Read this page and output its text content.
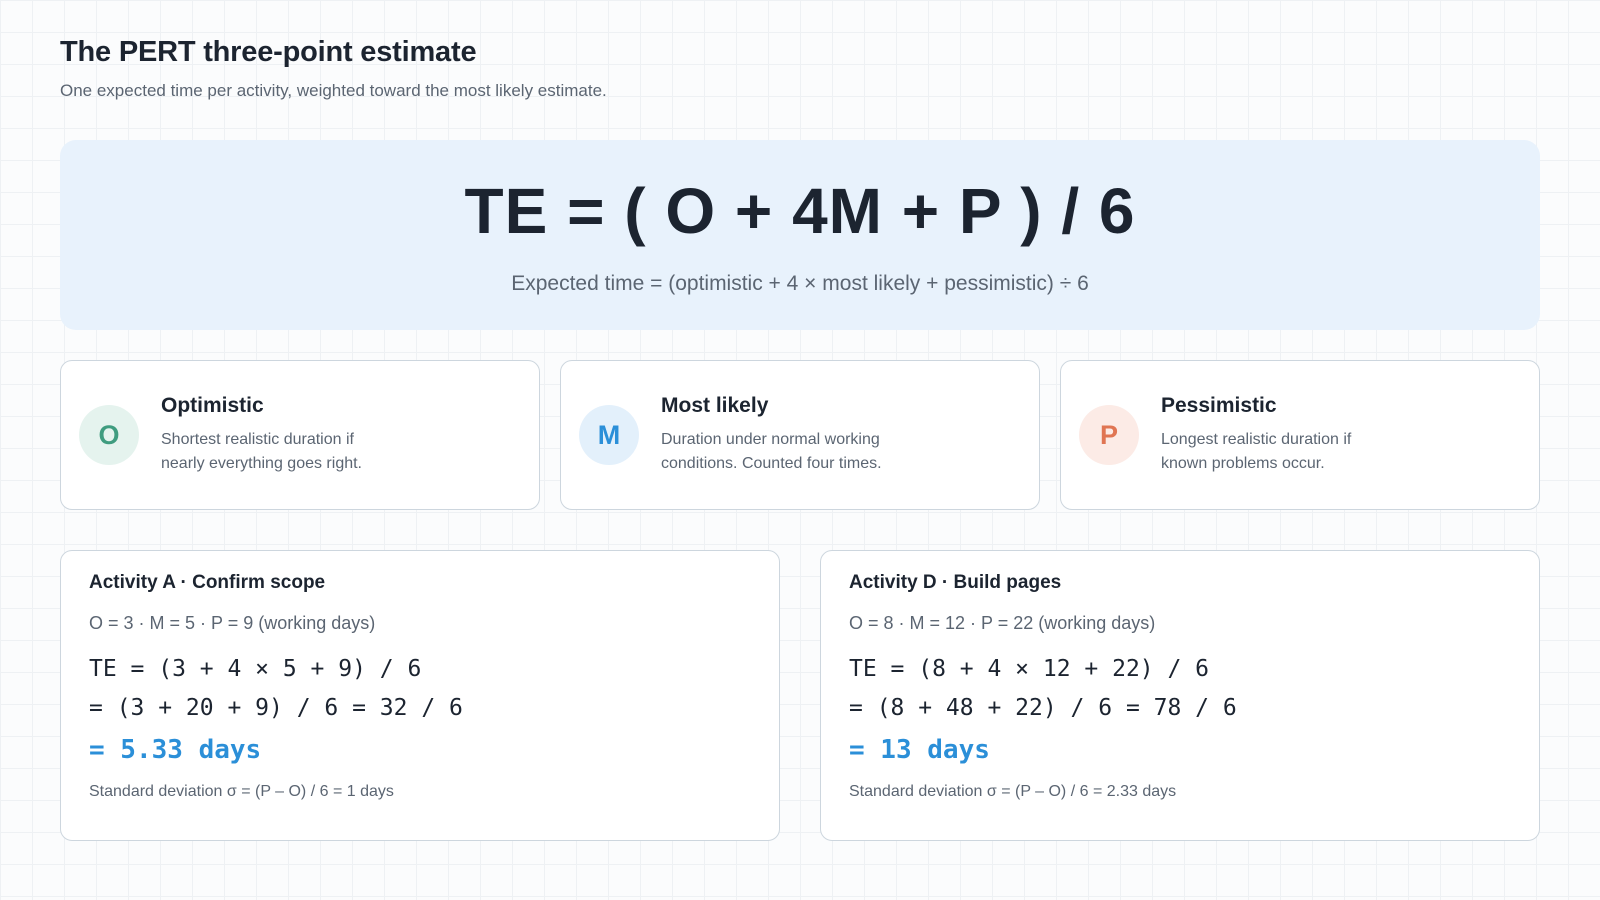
The PERT three-point estimate

One expected time per activity, weighted toward the most likely estimate.

TE = ( O + 4M + P ) / 6
Expected time = (optimistic + 4 × most likely + pessimistic) ÷ 6
O
Optimistic
Shortest realistic duration if nearly everything goes right.
M
Most likely
Duration under normal working conditions. Counted four times.
P
Pessimistic
Longest realistic duration if known problems occur.
Activity A · Confirm scope
O = 3 · M = 5 · P = 9 (working days)
TE = (3 + 4 × 5 + 9) / 6
= (3 + 20 + 9) / 6 = 32 / 6
= 5.33 days
Standard deviation σ = (P – O) / 6 = 1 days
Activity D · Build pages
O = 8 · M = 12 · P = 22 (working days)
TE = (8 + 4 × 12 + 22) / 6
= (8 + 48 + 22) / 6 = 78 / 6
= 13 days
Standard deviation σ = (P – O) / 6 = 2.33 days
